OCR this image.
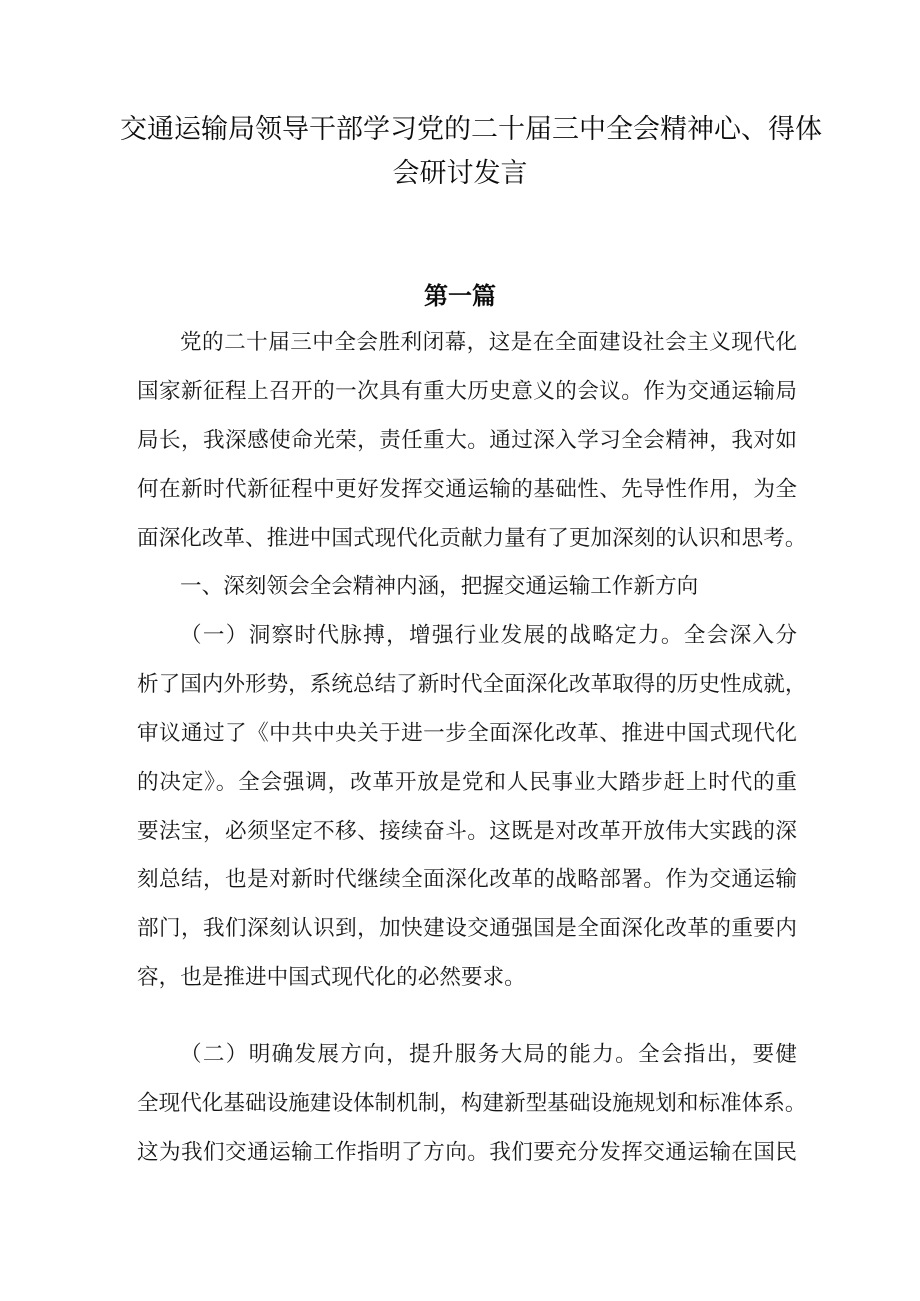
交通运输局领导干部学习党的二十届三中全会精神心、得体
会研讨发言
第一篇
党的二十届三中全会胜利闭幕，这是在全面建设社会主义现代化
国家新征程上召开的一次具有重大历史意义的会议。作为交通运输局
局长，我深感使命光荣，责任重大。通过深入学习全会精神，我对如
何在新时代新征程中更好发挥交通运输的基础性、先导性作用，为全
面深化改革、推进中国式现代化贡献力量有了更加深刻的认识和思考。
一、深刻领会全会精神内涵，把握交通运输工作新方向
（一）洞察时代脉搏，增强行业发展的战略定力。全会深入分
析了国内外形势，系统总结了新时代全面深化改革取得的历史性成就，
审议通过了《中共中央关于进一步全面深化改革、推进中国式现代化
的决定》。全会强调，改革开放是党和人民事业大踏步赶上时代的重
要法宝，必须坚定不移、接续奋斗。这既是对改革开放伟大实践的深
刻总结，也是对新时代继续全面深化改革的战略部署。作为交通运输
部门，我们深刻认识到，加快建设交通强国是全面深化改革的重要内
容，也是推进中国式现代化的必然要求。
（二）明确发展方向，提升服务大局的能力。全会指出，要健
全现代化基础设施建设体制机制，构建新型基础设施规划和标准体系。
这为我们交通运输工作指明了方向。我们要充分发挥交通运输在国民
